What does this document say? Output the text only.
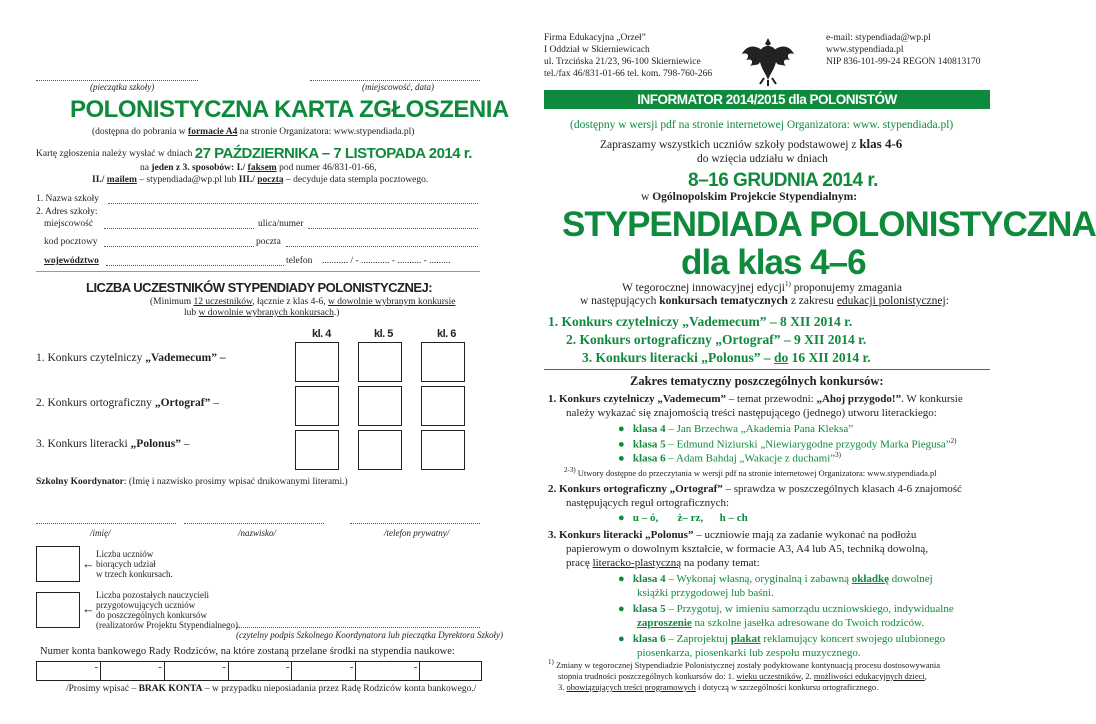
(pieczątka szkoły)	(miejscowość, data)
POLONISTYCZNA KARTA ZGŁOSZENIA
(dostępna do pobrania w formacie A4 na stronie Organizatora: www.stypendiada.pl)
Kartę zgłoszenia należy wysłać w dniach 27 PAŹDZIERNIKA – 7 LISTOPADA 2014 r.
na jeden z 3. sposobów: I./ faksem pod numer 46/831-01-66,
II./ mailem – stypendiada@wp.pl lub III./ pocztą – decyduje data stempla pocztowego.
1. Nazwa szkoły
2. Adres szkoły:
miejscowość	ulica/numer
kod pocztowy	poczta
województwo	telefon ........... / - ............ - .......... - .........
LICZBA UCZESTNIKÓW STYPENDIADY POLONISTYCZNEJ:
(Minimum 12 uczestników, łącznie z klas 4-6, w dowolnie wybranym konkursie
lub w dowolnie wybranych konkursach.)
kl. 4	kl. 5	kl. 6
1. Konkurs czytelniczy „Vademecum” –
2. Konkurs ortograficzny „Ortograf” –
3. Konkurs literacki „Polonus” –
Szkolny Koordynator: (Imię i nazwisko prosimy wpisać drukowanymi literami.)
/imię/	/nazwisko/	/telefon prywatny/
←
Liczba uczniów
biorących udział
w trzech konkursach.
←
Liczba pozostałych nauczycieli
przygotowujących uczniów
do poszczególnych konkursów
(realizatorów Projektu Stypendialnego).
(czytelny podpis Szkolnego Koordynatora lub pieczątka Dyrektora Szkoły)
Numer konta bankowego Rady Rodziców, na które zostaną przelane środki na stypendia naukowe:
-	-	-	-	-	-
/Prosimy wpisać – BRAK KONTA – w przypadku nieposiadania przez Radę Rodziców konta bankowego./
Firma Edukacyjna „Orzeł”
I Oddział w Skierniewicach
ul. Trzcińska 21/23, 96-100 Skierniewice
tel./fax 46/831-01-66 tel. kom. 798-760-266
e-mail: stypendiada@wp.pl
www.stypendiada.pl
NIP 836-101-99-24 REGON 140813170
INFORMATOR 2014/2015 dla POLONISTÓW
(dostępny w wersji pdf na stronie internetowej Organizatora: www. stypendiada.pl)
Zapraszamy wszystkich uczniów szkoły podstawowej z klas 4-6
do wzięcia udziału w dniach
8–16 GRUDNIA 2014 r.
w Ogólnopolskim Projekcie Stypendialnym:
STYPENDIADA POLONISTYCZNA
dla klas 4–6
W tegorocznej innowacyjnej edycji$^{1)}$ proponujemy zmagania
w następujących konkursach tematycznych z zakresu edukacji polonistycznej:
1. Konkurs czytelniczy „Vademecum” – 8 XII 2014 r.
2. Konkurs ortograficzny „Ortograf” – 9 XII 2014 r.
3. Konkurs literacki „Polonus” – do 16 XII 2014 r.
Zakres tematyczny poszczególnych konkursów:
1. Konkurs czytelniczy „Vademecum” – temat przewodni: „Ahoj przygodo!”. W konkursie
należy wykazać się znajomością treści następującego (jednego) utworu literackiego:
●   klasa 4 – Jan Brzechwa „Akademia Pana Kleksa”
●   klasa 5 – Edmund Niziurski „Niewiarygodne przygody Marka Piegusa”$^{2)}$
●   klasa 6 – Adam Bahdaj „Wakacje z duchami”$^{3)}$
$^{2-3)}$ Utwory dostępne do przeczytania w wersji pdf na stronie internetowej Organizatora: www.stypendiada.pl
2. Konkurs ortograficzny „Ortograf” – sprawdza w poszczególnych klasach 4-6 znajomość
następujących reguł ortograficznych:
●   u – ó,       ż– rz,      h – ch
3. Konkurs literacki „Polonus” – uczniowie mają za zadanie wykonać na podłożu
papierowym o dowolnym kształcie, w formacie A3, A4 lub A5, techniką dowolną,
pracę literacko-plastyczną na podany temat:
●   klasa 4 – Wykonaj własną, oryginalną i zabawną okładkę dowolnej
książki przygodowej lub baśni.
●   klasa 5 – Przygotuj, w imieniu samorządu uczniowskiego, indywidualne
zaproszenie na szkolne jasełka adresowane do Twoich rodziców.
●   klasa 6 – Zaprojektuj plakat reklamujący koncert swojego ulubionego
piosenkarza, piosenkarki lub zespołu muzycznego.
$^{1)}$ Zmiany w tegorocznej Stypendiadzie Polonistycznej zostały podyktowane kontynuacją procesu dostosowywania
stopnia trudności poszczególnych konkursów do: 1. wieku uczestników, 2. możliwości edukacyjnych dzieci,
3. obowiązujących treści programowych i dotyczą w szczególności konkursu ortograficznego.
